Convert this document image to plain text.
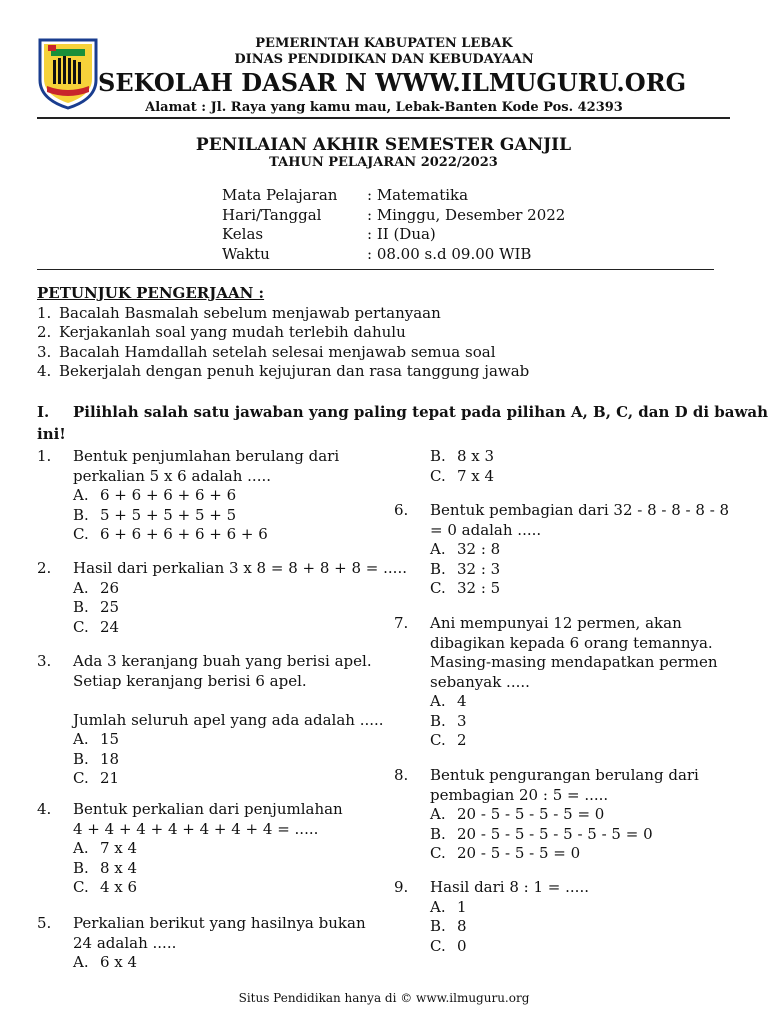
PEMERINTAH KABUPATEN LEBAK
DINAS PENDIDIKAN DAN KEBUDAYAAN
SEKOLAH DASAR N WWW.ILMUGURU.ORG
Alamat : Jl. Raya yang kamu mau, Lebak-Banten Kode Pos. 42393
PENILAIAN AKHIR SEMESTER GANJIL
TAHUN PELAJARAN 2022/2023
Mata Pelajaran : Matematika
Hari/Tanggal	: Minggu, Desember 2022
Kelas	: II (Dua)
Waktu	: 08.00 s.d 09.00 WIB
PETUNJUK PENGERJAAN :
1. Bacalah Basmalah sebelum menjawab pertanyaan
2. Kerjakanlah soal yang mudah terlebih dahulu
3. Bacalah Hamdallah setelah selesai menjawab semua soal
4. Bekerjalah dengan penuh kejujuran dan rasa tanggung jawab
I. Pilihlah salah satu jawaban yang paling tepat pada pilihan A, B, C, dan D di bawah
ini!
1. Bentuk penjumlahan berulang dari
perkalian 5 x 6 adalah .....
A. 6 + 6 + 6 + 6 + 6
B. 5 + 5 + 5 + 5 + 5
C. 6 + 6 + 6 + 6 + 6 + 6
2. Hasil dari perkalian 3 x 8 = 8 + 8 + 8 = .....
A. 26
B. 25
C. 24
3. Ada 3 keranjang buah yang berisi apel.
Setiap keranjang berisi 6 apel.
Jumlah seluruh apel yang ada adalah .....
A. 15
B. 18
C. 21
4. Bentuk perkalian dari penjumlahan
4 + 4 + 4 + 4 + 4 + 4 + 4 = .....
A. 7 x 4
B. 8 x 4
C. 4 x 6
5. Perkalian berikut yang hasilnya bukan
24 adalah .....
A. 6 x 4
B. 8 x 3
C. 7 x 4
6. Bentuk pembagian dari 32 - 8 - 8 - 8 - 8
= 0 adalah .....
A. 32 : 8
B. 32 : 3
C. 32 : 5
7. Ani mempunyai 12 permen, akan
dibagikan kepada 6 orang temannya.
Masing-masing mendapatkan permen
sebanyak .....
A. 4
B. 3
C. 2
8. Bentuk pengurangan berulang dari
pembagian 20 : 5 = .....
A. 20 - 5 - 5 - 5 - 5 = 0
B. 20 - 5 - 5 - 5 - 5 - 5 - 5 = 0
C. 20 - 5 - 5 - 5 = 0
9. Hasil dari 8 : 1 = .....
A. 1
B. 8
C. 0
Situs Pendidikan hanya di © www.ilmuguru.org
